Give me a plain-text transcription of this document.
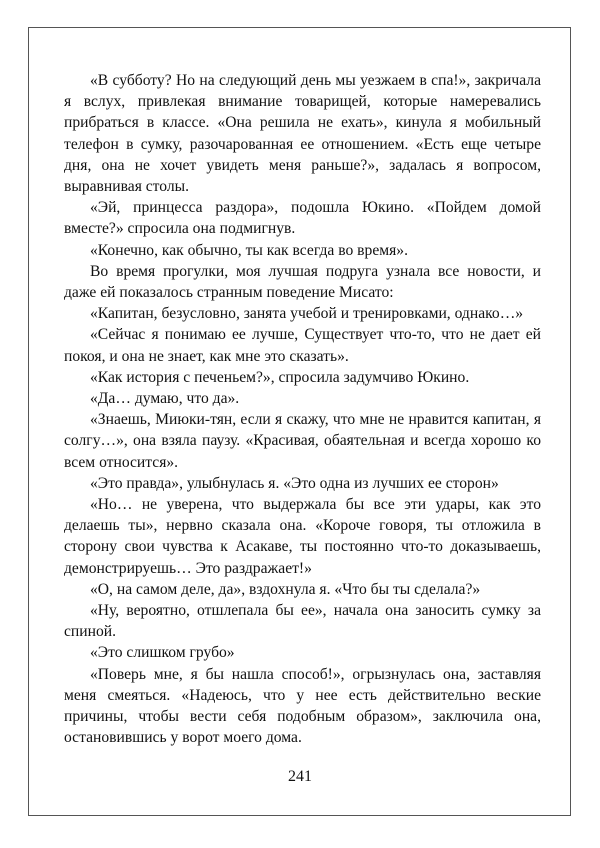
«В субботу? Но на следующий день мы уезжаем в спа!», закричала я вслух, привлекая внимание товарищей, которые намеревались прибраться в классе. «Она решила не ехать», кинула я мобильный телефон в сумку, разочарованная ее отношением. «Есть еще четыре дня, она не хочет увидеть меня раньше?», задалась я вопросом, выравнивая столы.

«Эй, принцесса раздора», подошла Юкино. «Пойдем домой вместе?» спросила она подмигнув.

«Конечно, как обычно, ты как всегда во время».

Во время прогулки, моя лучшая подруга узнала все новости, и даже ей показалось странным поведение Мисато:

«Капитан, безусловно, занята учебой и тренировками, однако…»

«Сейчас я понимаю ее лучше, Существует что-то, что не дает ей покоя, и она не знает, как мне это сказать».

«Как история с печеньем?», спросила задумчиво Юкино.

«Да… думаю, что да».

«Знаешь, Миюки-тян, если я скажу, что мне не нравится капитан, я солгу…», она взяла паузу. «Красивая, обаятельная и всегда хорошо ко всем относится».

«Это правда», улыбнулась я. «Это одна из лучших ее сторон»

«Но… не уверена, что выдержала бы все эти удары, как это делаешь ты», нервно сказала она. «Короче говоря, ты отложила в сторону свои чувства к Асакаве, ты постоянно что-то доказываешь, демонстрируешь… Это раздражает!»

«О, на самом деле, да», вздохнула я. «Что бы ты сделала?»

«Ну, вероятно, отшлепала бы ее», начала она заносить сумку за спиной.

«Это слишком грубо»

«Поверь мне, я бы нашла способ!», огрызнулась она, заставляя меня смеяться. «Надеюсь, что у нее есть действительно веские причины, чтобы вести себя подобным образом», заключила она, остановившись у ворот моего дома.

241
